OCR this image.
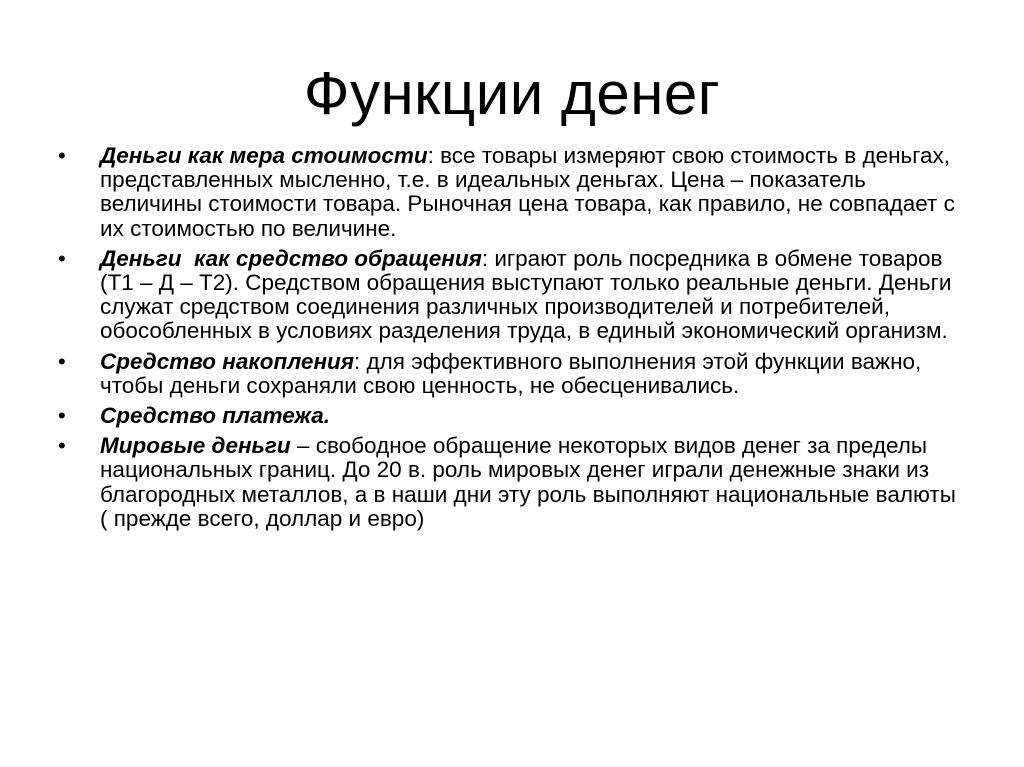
Функции денег
• Деньги как мера стоимости: все товары измеряют свою стоимость в деньгах, представленных мысленно, т.е. в идеальных деньгах. Цена – показатель величины стоимости товара. Рыночная цена товара, как правило, не совпадает с их стоимостью по величине.
• Деньги  как средство обращения: играют роль посредника в обмене товаров (Т1 – Д – Т2). Средством обращения выступают только реальные деньги. Деньги служат средством соединения различных производителей и потребителей, обособленных в условиях разделения труда, в единый экономический организм.
• Средство накопления: для эффективного выполнения этой функции важно, чтобы деньги сохраняли свою ценность, не обесценивались.
• Средство платежа.
• Мировые деньги – свободное обращение некоторых видов денег за пределы национальных границ. До 20 в. роль мировых денег играли денежные знаки из благородных металлов, а в наши дни эту роль выполняют национальные валюты ( прежде всего, доллар и евро)
